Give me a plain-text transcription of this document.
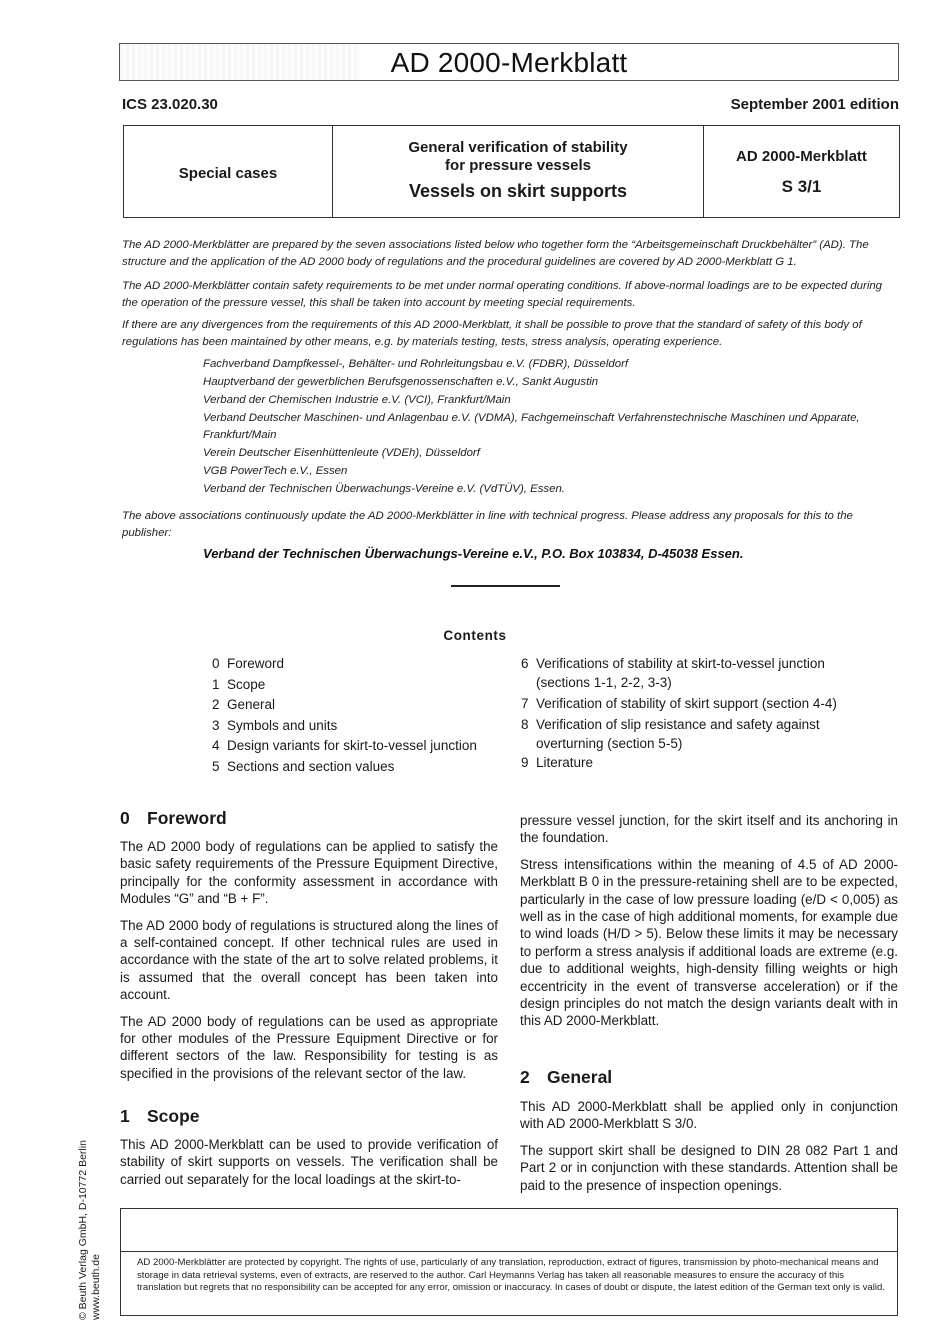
AD 2000-Merkblatt
ICS 23.020.30	September 2001 edition
Special cases
General verification of stability
for pressure vessels
Vessels on skirt supports
AD 2000-Merkblatt
S 3/1
The AD 2000-Merkblätter are prepared by the seven associations listed below who together form the “Arbeitsgemeinschaft Druckbehälter” (AD). The structure and the application of the AD 2000 body of regulations and the procedural guidelines are covered by AD 2000-Merkblatt G 1.
The AD 2000-Merkblätter contain safety requirements to be met under normal operating conditions. If above-normal loadings are to be expected during the operation of the pressure vessel, this shall be taken into account by meeting special requirements.
If there are any divergences from the requirements of this AD 2000-Merkblatt, it shall be possible to prove that the standard of safety of this body of regulations has been maintained by other means, e.g. by materials testing, tests, stress analysis, operating experience.
Fachverband Dampfkessel-, Behälter- und Rohrleitungsbau e.V. (FDBR), Düsseldorf
Hauptverband der gewerblichen Berufsgenossenschaften e.V., Sankt Augustin
Verband der Chemischen Industrie e.V. (VCI), Frankfurt/Main
Verband Deutscher Maschinen- und Anlagenbau e.V. (VDMA), Fachgemeinschaft Verfahrenstechnische Maschinen und Apparate, Frankfurt/Main
Verein Deutscher Eisenhüttenleute (VDEh), Düsseldorf
VGB PowerTech e.V., Essen
Verband der Technischen Überwachungs-Vereine e.V. (VdTÜV), Essen.
The above associations continuously update the AD 2000-Merkblätter in line with technical progress. Please address any proposals for this to the publisher:
Verband der Technischen Überwachungs-Vereine e.V., P.O. Box 103834, D-45038 Essen.
Contents
0 Foreword
1 Scope
2 General
3 Symbols and units
4 Design variants for skirt-to-vessel junction
5 Sections and section values
6 Verifications of stability at skirt-to-vessel junction (sections 1-1, 2-2, 3-3)
7 Verification of stability of skirt support (section 4-4)
8 Verification of slip resistance and safety against overturning (section 5-5)
9 Literature
0 Foreword

The AD 2000 body of regulations can be applied to satisfy the basic safety requirements of the Pressure Equipment Directive, principally for the conformity assessment in accordance with Modules “G” and “B + F”.

The AD 2000 body of regulations is structured along the lines of a self-contained concept. If other technical rules are used in accordance with the state of the art to solve related problems, it is assumed that the overall concept has been taken into account.

The AD 2000 body of regulations can be used as appropriate for other modules of the Pressure Equipment Directive or for different sectors of the law. Responsibility for testing is as specified in the provisions of the relevant sector of the law.

1 Scope

This AD 2000-Merkblatt can be used to provide verification of stability of skirt supports on vessels. The verification shall be carried out separately for the local loadings at the skirt-to-

pressure vessel junction, for the skirt itself and its anchoring in the foundation.

Stress intensifications within the meaning of 4.5 of AD 2000-Merkblatt B 0 in the pressure-retaining shell are to be expected, particularly in the case of low pressure loading (e/D < 0,005) as well as in the case of high additional moments, for example due to wind loads (H/D > 5). Below these limits it may be necessary to perform a stress analysis if additional loads are extreme (e.g. due to additional weights, high-density filling weights or high eccentricity in the event of transverse acceleration) or if the design principles do not match the design variants dealt with in this AD 2000-Merkblatt.

2 General

This AD 2000-Merkblatt shall be applied only in conjunction with AD 2000-Merkblatt S 3/0.

The support skirt shall be designed to DIN 28 082 Part 1 and Part 2 or in conjunction with these standards. Attention shall be paid to the presence of inspection openings.

© Beuth Verlag GmbH, D-10772 Berlin www.beuth.de	AD 2000-Merkblätter are protected by copyright. The rights of use, particularly of any translation, reproduction, extract of figures, transmission by photo-mechanical means and storage in data retrieval systems, even of extracts, are reserved to the author. Carl Heymanns Verlag has taken all reasonable measures to ensure the accuracy of this translation but regrets that no responsibility can be accepted for any error, omission or inaccuracy. In cases of doubt or dispute, the latest edition of the German text only is valid.
